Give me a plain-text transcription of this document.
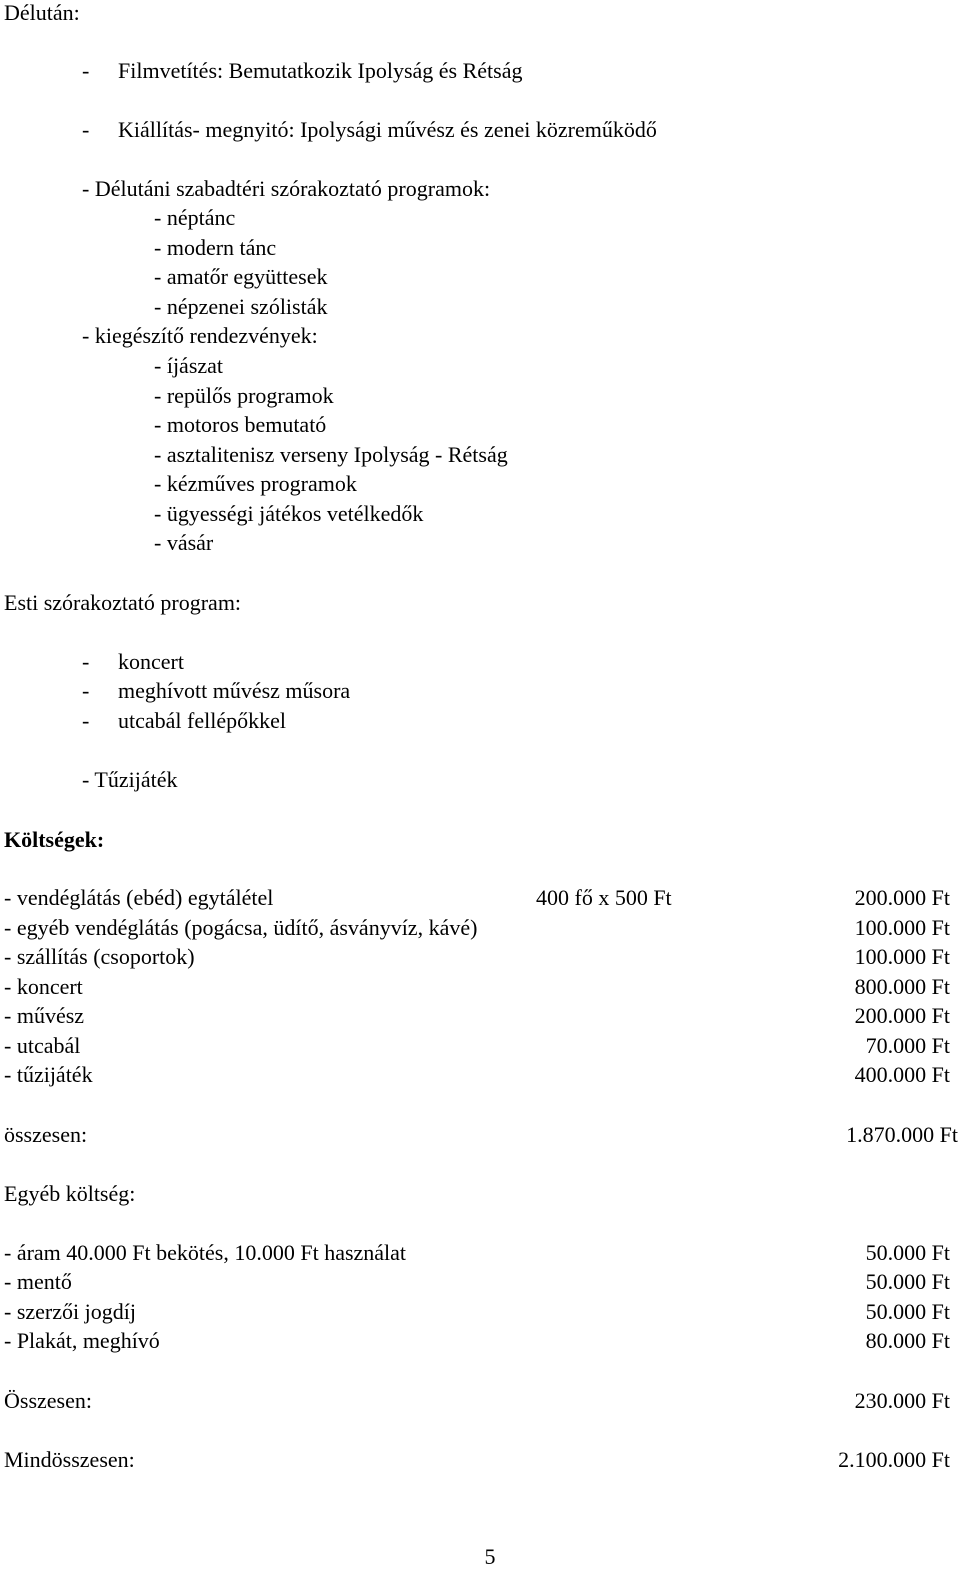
Délután:
- Filmvetítés: Bemutatkozik Ipolyság és Rétság
- Kiállítás- megnyitó: Ipolysági művész és zenei közreműködő
- Délutáni szabadtéri szórakoztató programok:
- néptánc
- modern tánc
- amatőr együttesek
- népzenei szólisták
- kiegészítő rendezvények:
- íjászat
- repülős programok
- motoros bemutató
- asztalitenisz verseny Ipolyság - Rétság
- kézműves programok
- ügyességi játékos vetélkedők
- vásár
Esti szórakoztató program:
- koncert
- meghívott művész műsora
- utcabál fellépőkkel
- Tűzijáték
Költségek:
- vendéglátás (ebéd) egytálétel	400 fő x 500 Ft	200.000 Ft
- egyéb vendéglátás (pogácsa, üdítő, ásványvíz, kávé)	100.000 Ft
- szállítás (csoportok)	100.000 Ft
- koncert	800.000 Ft
- művész	200.000 Ft
- utcabál	70.000 Ft
- tűzijáték	400.000 Ft
összesen:	1.870.000 Ft
Egyéb költség:
- áram 40.000 Ft bekötés, 10.000 Ft használat	50.000 Ft
- mentő	50.000 Ft
- szerzői jogdíj	50.000 Ft
- Plakát, meghívó	80.000 Ft
Összesen:	230.000 Ft
Mindösszesen:	2.100.000 Ft
5
